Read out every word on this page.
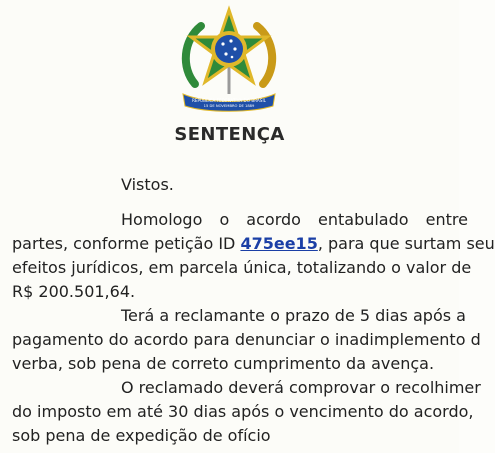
REPÚBLICA FEDERATIVA DO BRASIL
15 DE NOVEMBRO DE 1889
SENTENÇA
Vistos.
Homologo o acordo entabulado entre
partes, conforme petição ID 475ee15, para que surtam seu
efeitos jurídicos, em parcela única, totalizando o valor de
R$ 200.501,64.
Terá a reclamante o prazo de 5 dias após a
pagamento do acordo para denunciar o inadimplemento d
verba, sob pena de correto cumprimento da avença.
O reclamado deverá comprovar o recolhimer
do imposto em até 30 dias após o vencimento do acordo,
sob pena de expedição de ofício
